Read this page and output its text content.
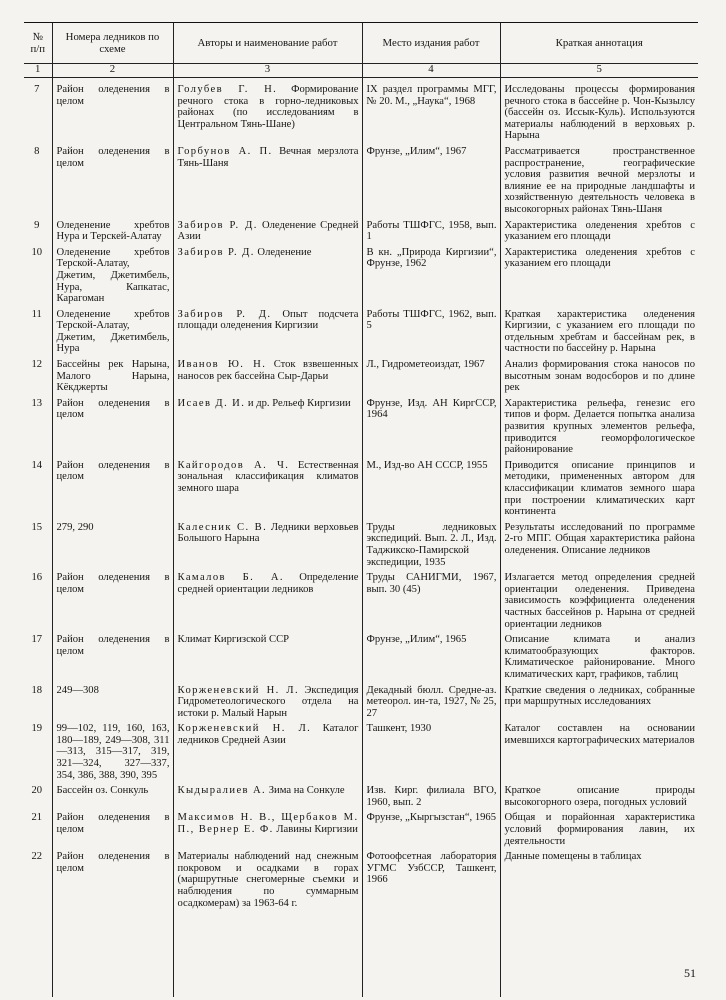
№ п/п	Номера ледников по схеме	Авторы и наименование работ	Место издания работ	Краткая аннотация
1	2	3	4	5
7	Район оледенения в целом	Голубев Г. Н. Формирование речного стока в горно-ледниковых районах (по исследованиям в Центральном Тянь-Шане)	IX раздел программы МГГ, № 20. М., „Наука“, 1968	Исследованы процессы формирования речного стока в бассейне р. Чон-Кызылсу (бассейн оз. Иссык-Куль). Используются материалы наблюдений в верховьях р. Нарына
8	Район оледенения в целом	Горбунов А. П. Вечная мерзлота Тянь-Шаня	Фрунзе, „Илим“, 1967	Рассматривается пространственное распространение, географические условия развития вечной мерзлоты и влияние ее на природные ландшафты и хозяйственную деятельность человека в высокогорных районах Тянь-Шаня
9	Оледенение хребтов Нура и Терскей-Алатау	Забиров Р. Д. Оледенение Средней Азии	Работы ТШФГС, 1958, вып. 1	Характеристика оледенения хребтов с указанием его площади
10	Оледенение хребтов Терской-Алатау, Джетим, Джетимбель, Нура, Капкатас, Карагоман	Забиров Р. Д. Оледенение	В кн. „Природа Киргизии“, Фрунзе, 1962	Характеристика оледенения хребтов с указанием его площади
11	Оледенение хребтов Терской-Алатау, Джетим, Джетимбель, Нура	Забиров Р. Д. Опыт подсчета площади оледенения Киргизии	Работы ТШФГС, 1962, вып. 5	Краткая характеристика оледенения Киргизии, с указанием его площади по отдельным хребтам и бассейнам рек, в частности по бассейну р. Нарына
12	Бассейны рек Нарына, Малого Нарына, Кёкджерты	Иванов Ю. Н. Сток взвешенных наносов рек бассейна Сыр-Дарьи	Л., Гидрометеоиздат, 1967	Анализ формирования стока наносов по высотным зонам водосборов и по длине рек
13	Район оледенения в целом	Исаев Д. И. и др. Рельеф Киргизии	Фрунзе, Изд. АН КиргССР, 1964	Характеристика рельефа, генезис его типов и форм. Делается попытка анализа развития крупных элементов рельефа, приводится геоморфологическое районирование
14	Район оледенения в целом	Кайгородов А. Ч. Естественная зональная классификация климатов земного шара	М., Изд-во АН СССР, 1955	Приводится описание принципов и методики, примененных автором для классификации климатов земного шара при построении климатических карт континента
15	279, 290	Калесник С. В. Ледники верховьев Большого Нарына	Труды ледниковых экспедиций. Вып. 2. Л., Изд. Таджикско-Памирской экспедиции, 1935	Результаты исследований по программе 2-го МПГ. Общая характеристика района оледенения. Описание ледников
16	Район оледенения в целом	Камалов Б. А. Определение средней ориентации ледников	Труды САНИГМИ, 1967, вып. 30 (45)	Излагается метод определения средней ориентации оледенения. Приведена зависимость коэффициента оледенения частных бассейнов р. Нарына от средней ориентации ледников
17	Район оледенения в целом	Климат Киргизской ССР	Фрунзе, „Илим“, 1965	Описание климата и анализ климатообразующих факторов. Климатическое районирование. Много климатических карт, графиков, таблиц
18	249—308	Корженевский Н. Л. Экспедиция Гидрометеологического отдела на истоки р. Малый Нарын	Декадный бюлл. Средне-аз. метеорол. ин-та, 1927, № 25, 27	Краткие сведения о ледниках, собранные при маршрутных исследованиях
19	99—102, 119, 160, 163, 180—189, 249—308, 311—313, 315—317, 319, 321—324, 327—337, 354, 386, 388, 390, 395	Корженевский Н. Л. Каталог ледников Средней Азии	Ташкент, 1930	Каталог составлен на основании имевшихся картографических материалов
20	Бассейн оз. Сонкуль	Кыдыралиев А. Зима на Сонкуле	Изв. Кирг. филиала ВГО, 1960, вып. 2	Краткое описание природы высокогорного озера, погодных условий
21	Район оледенения в целом	Максимов Н. В., Щербаков М. П., Вернер Е. Ф. Лавины Киргизии	Фрунзе, „Кыргызстан“, 1965	Общая и порайонная характеристика условий формирования лавин, их деятельности
22	Район оледенения в целом	Материалы наблюдений над снежным покровом и осадками в горах (маршрутные снегомерные съемки и наблюдения по суммарным осадкомерам) за 1963-64 г.	Фотоофсетная лаборатория УГМС УзбССР, Ташкент, 1966	Данные помещены в таблицах

51
